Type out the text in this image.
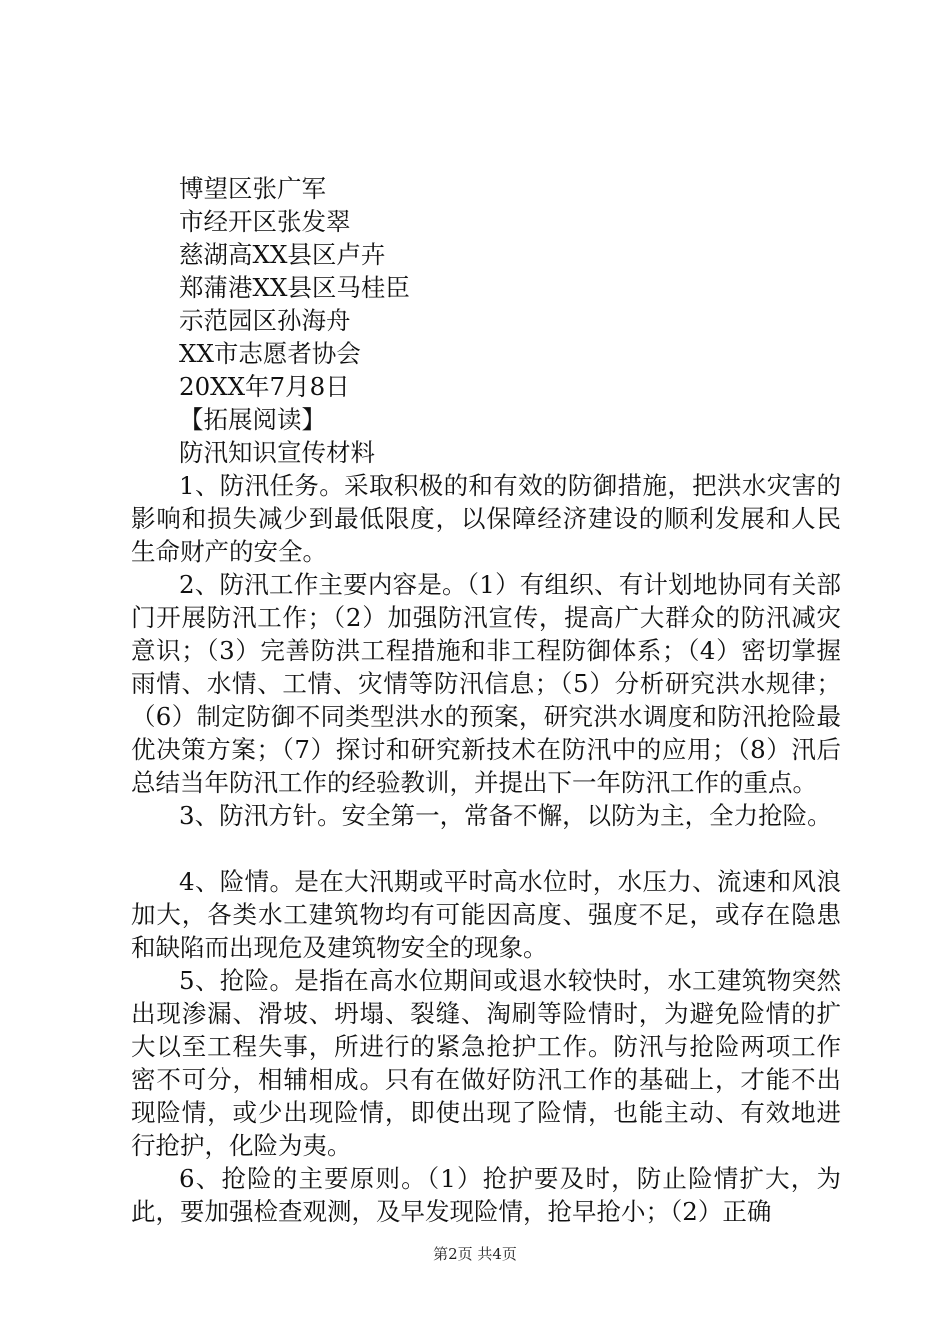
博望区张广军
市经开区张发翠
慈湖高XX县区卢卉
郑蒲港XX县区马桂臣
示范园区孙海舟
XX市志愿者协会
20XX年7月8日
【拓展阅读】
防汛知识宣传材料
1、防汛任务。采取积极的和有效的防御措施，把洪水灾害的影响和损失减少到最低限度，以保障经济建设的顺利发展和人民生命财产的安全。
2、防汛工作主要内容是。（1）有组织、有计划地协同有关部门开展防汛工作；（2）加强防汛宣传，提高广大群众的防汛减灾意识；（3）完善防洪工程措施和非工程防御体系；（4）密切掌握雨情、水情、工情、灾情等防汛信息；（5）分析研究洪水规律；（6）制定防御不同类型洪水的预案，研究洪水调度和防汛抢险最优决策方案；（7）探讨和研究新技术在防汛中的应用；（8）汛后总结当年防汛工作的经验教训，并提出下一年防汛工作的重点。
3、防汛方针。安全第一，常备不懈，以防为主，全力抢险。
4、险情。是在大汛期或平时高水位时，水压力、流速和风浪加大，各类水工建筑物均有可能因高度、强度不足，或存在隐患和缺陷而出现危及建筑物安全的现象。
5、抢险。是指在高水位期间或退水较快时，水工建筑物突然出现渗漏、滑坡、坍塌、裂缝、淘刷等险情时，为避免险情的扩大以至工程失事，所进行的紧急抢护工作。防汛与抢险两项工作密不可分，相辅相成。只有在做好防汛工作的基础上，才能不出现险情，或少出现险情，即使出现了险情，也能主动、有效地进行抢护，化险为夷。
6、抢险的主要原则。（1）抢护要及时，防止险情扩大，为此，要加强检查观测，及早发现险情，抢早抢小；（2）正确
第2页 共4页
